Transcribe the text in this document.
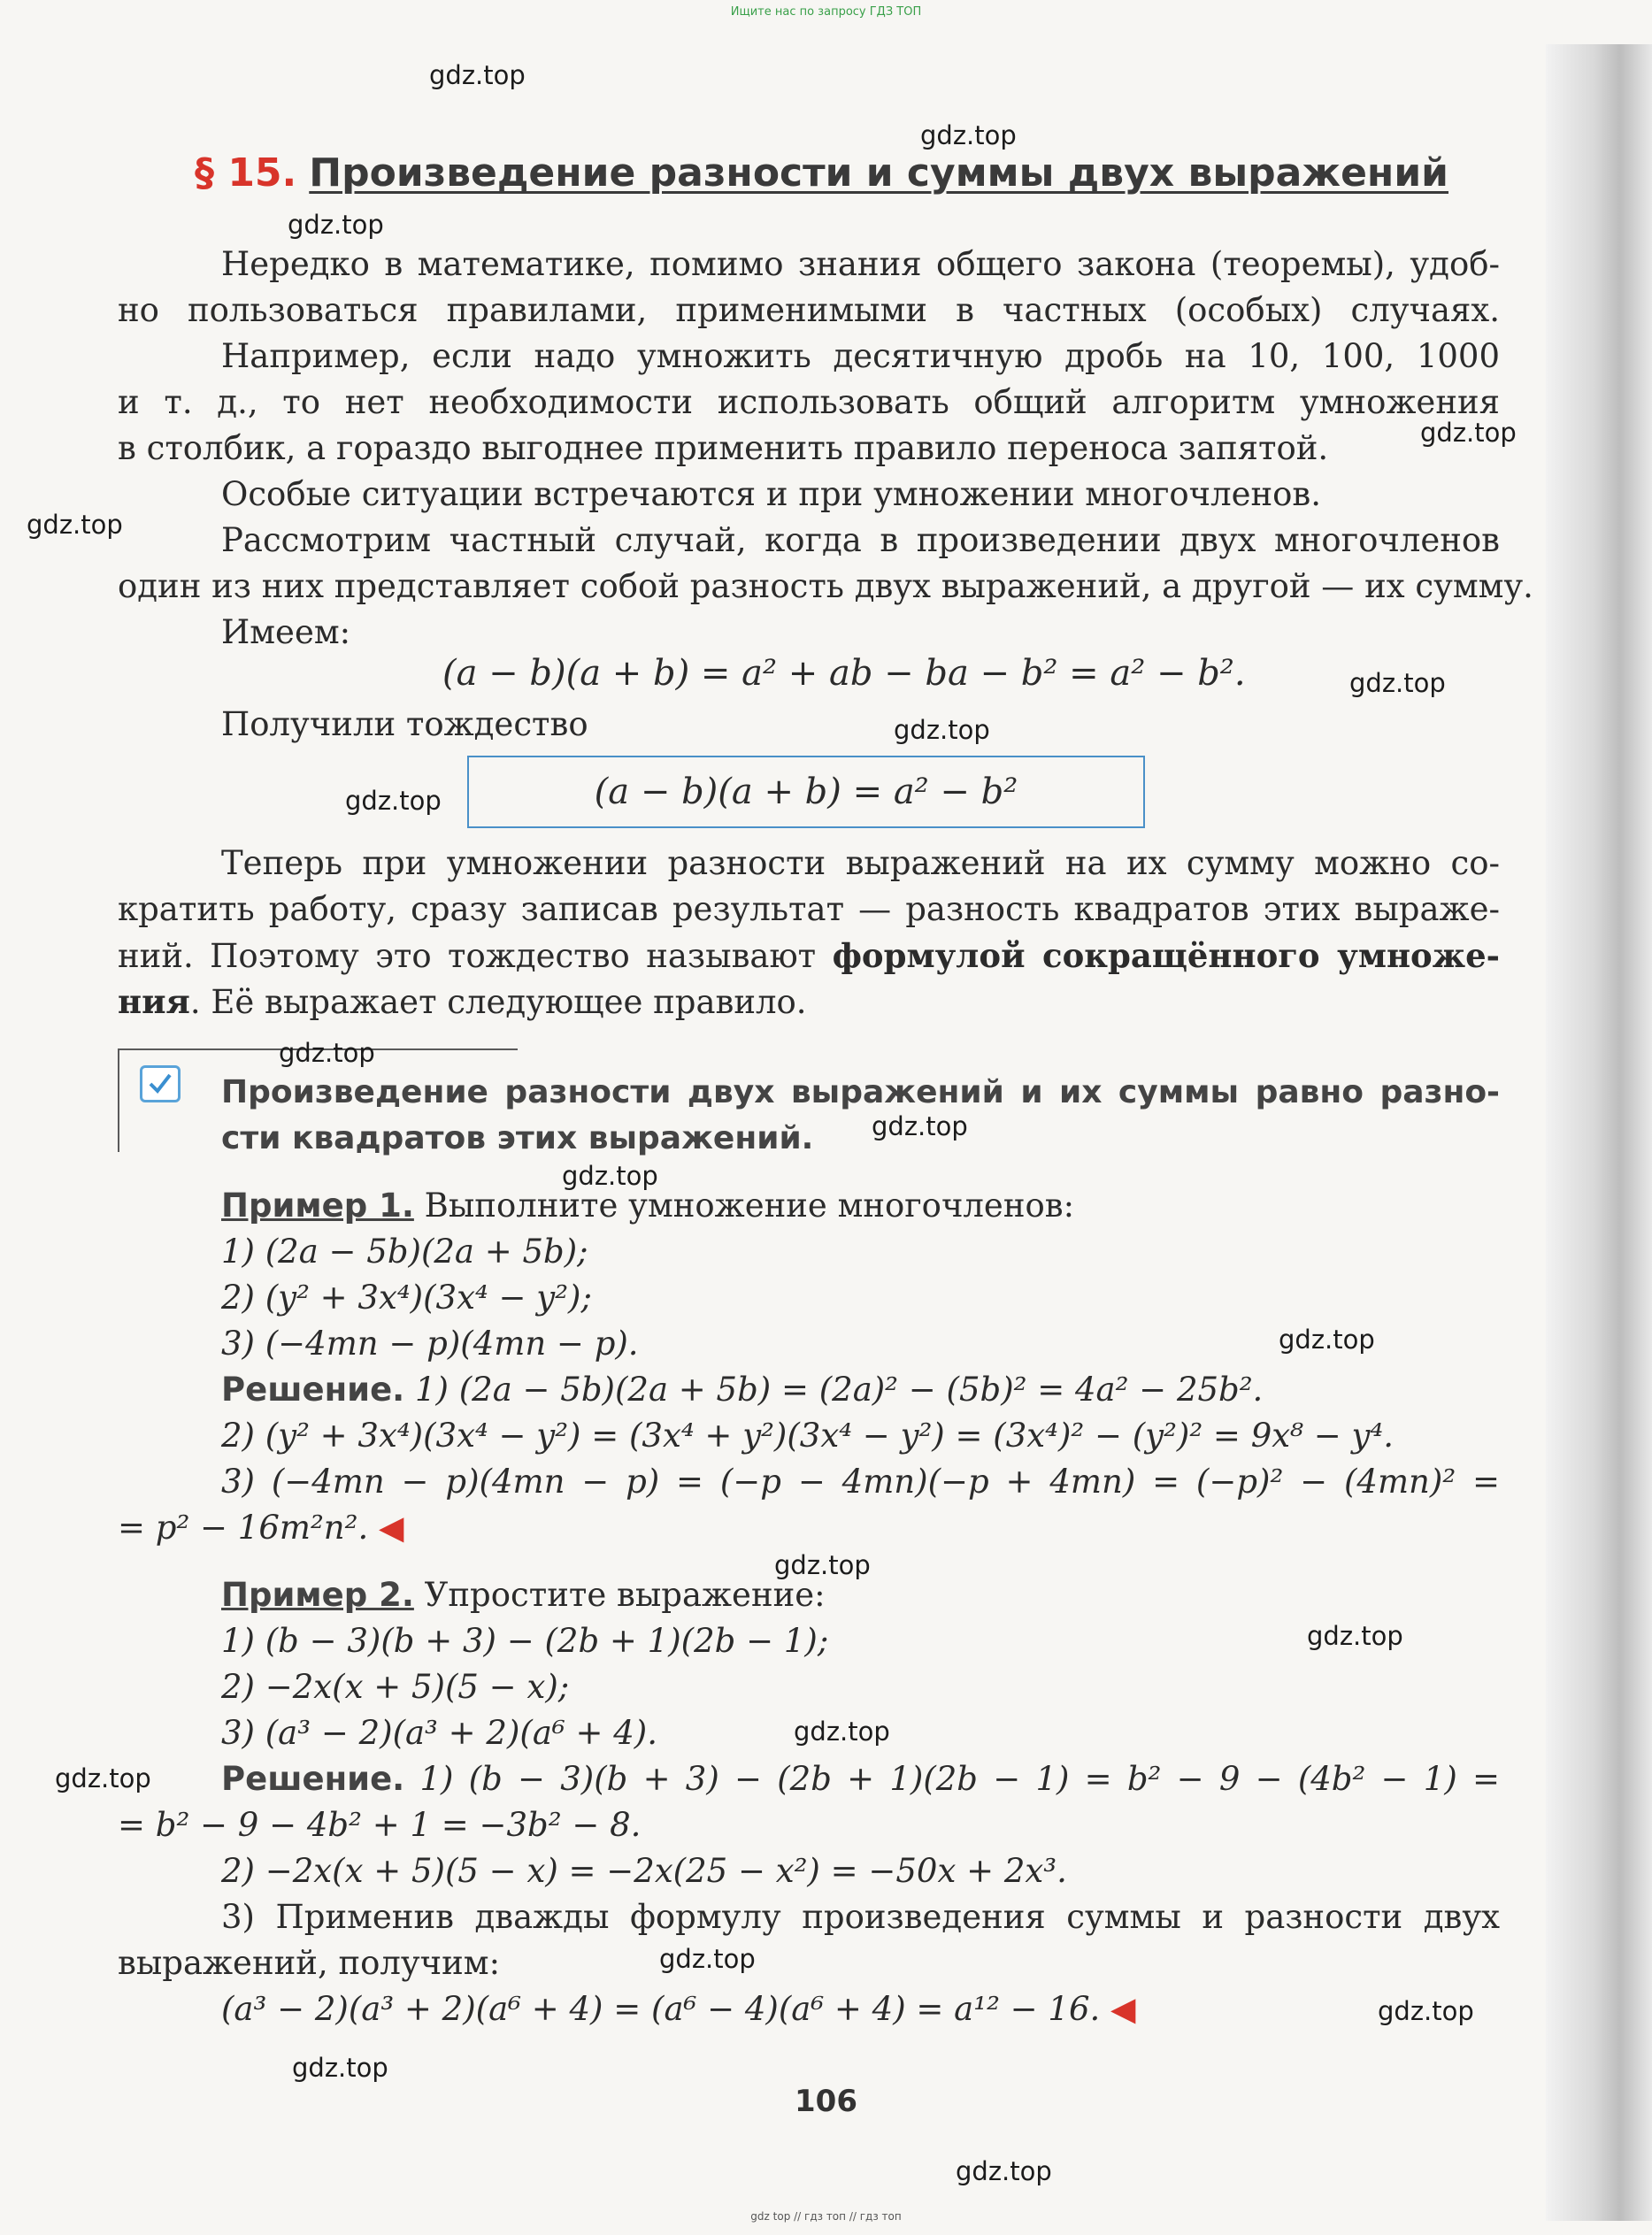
Ищите нас по запросу ГДЗ ТОП
§ 15. Произведение разности и суммы двух выражений
Нередко в математике, помимо знания общего закона (теоремы), удоб-
но пользоваться правилами, применимыми в частных (особых) случаях.
Например, если надо умножить десятичную дробь на 10, 100, 1000
и т. д., то нет необходимости использовать общий алгоритм умножения
в столбик, а гораздо выгоднее применить правило переноса запятой.
Особые ситуации встречаются и при умножении многочленов.
Рассмотрим частный случай, когда в произведении двух многочленов
один из них представляет собой разность двух выражений, а другой — их сумму.
Имеем:
(a − b)(a + b) = a² + ab − ba − b² = a² − b².
Получили тождество
(a − b)(a + b) = a² − b²
Теперь при умножении разности выражений на их сумму можно со-
кратить работу, сразу записав результат — разность квадратов этих выраже-
ний. Поэтому это тождество называют формулой сокращённого умноже-
ния. Её выражает следующее правило.
Произведение разности двух выражений и их суммы равно разно-
сти квадратов этих выражений.
Пример 1. Выполните умножение многочленов:
1) (2a − 5b)(2a + 5b);
2) (y² + 3x⁴)(3x⁴ − y²);
3) (−4mn − p)(4mn − p).
Решение. 1) (2a − 5b)(2a + 5b) = (2a)² − (5b)² = 4a² − 25b².
2) (y² + 3x⁴)(3x⁴ − y²) = (3x⁴ + y²)(3x⁴ − y²) = (3x⁴)² − (y²)² = 9x⁸ − y⁴.
3) (−4mn − p)(4mn − p) = (−p − 4mn)(−p + 4mn) = (−p)² − (4mn)² =
= p² − 16m²n². ◀
Пример 2. Упростите выражение:
1) (b − 3)(b + 3) − (2b + 1)(2b − 1);
2) −2x(x + 5)(5 − x);
3) (a³ − 2)(a³ + 2)(a⁶ + 4).
Решение. 1) (b − 3)(b + 3) − (2b + 1)(2b − 1) = b² − 9 − (4b² − 1) =
= b² − 9 − 4b² + 1 = −3b² − 8.
2) −2x(x + 5)(5 − x) = −2x(25 − x²) = −50x + 2x³.
3) Применив дважды формулу произведения суммы и разности двух
выражений, получим:
(a³ − 2)(a³ + 2)(a⁶ + 4) = (a⁶ − 4)(a⁶ + 4) = a¹² − 16. ◀
106
gdz.top
gdz.top
gdz.top
gdz.top
gdz.top
gdz.top
gdz.top
gdz.top
gdz.top
gdz.top
gdz.top
gdz.top
gdz.top
gdz.top
gdz.top
gdz.top
gdz.top
gdz.top
gdz.top
gdz.top
gdz top // гдз топ // гдз топ
